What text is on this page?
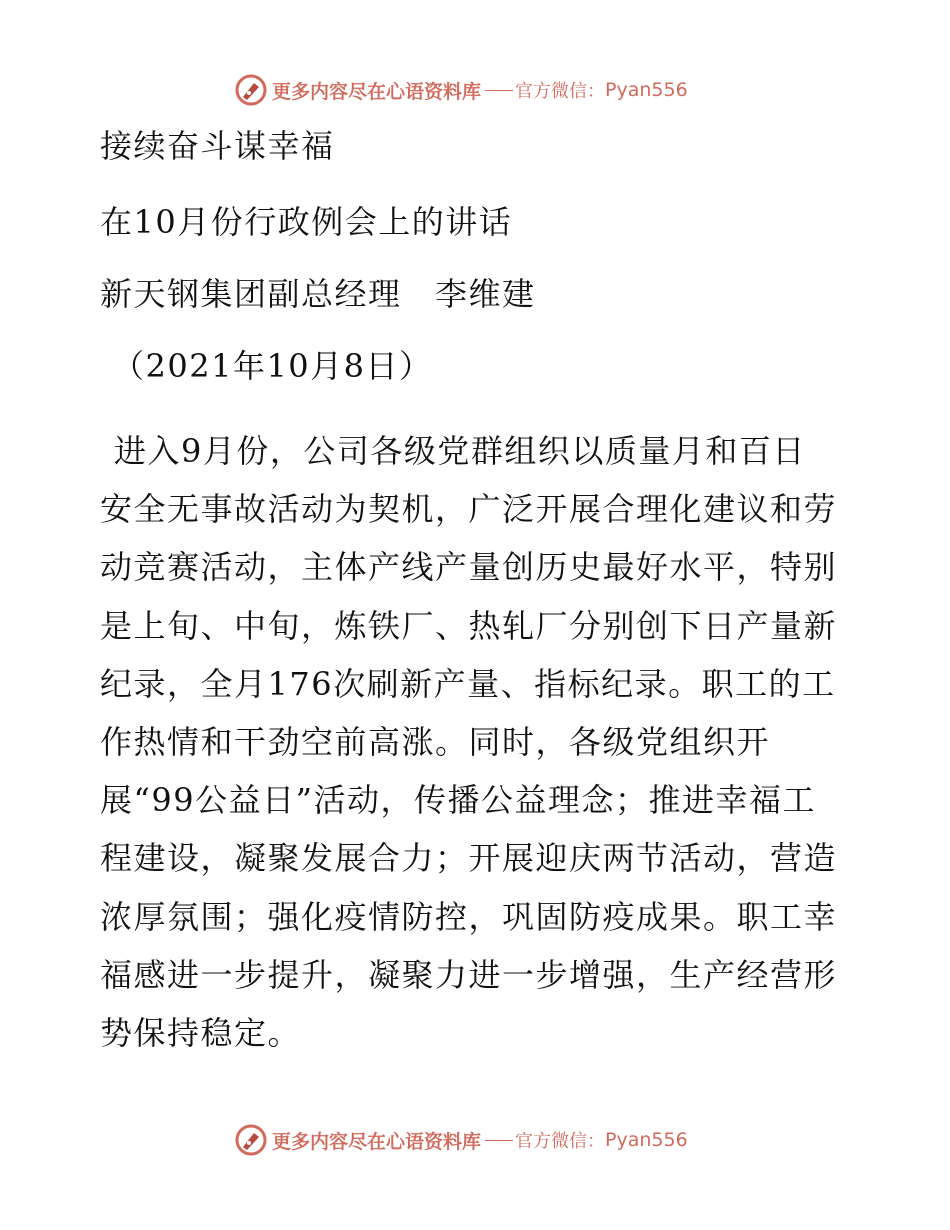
更多内容尽在心语资料库 官方微信： Pyan556
接续奋斗谋幸福
在10月份行政例会上的讲话
新天钢集团副总经理　李维建
（2021年10月8日）

进入9月份，公司各级党群组织以质量月和百日

安全无事故活动为契机，广泛开展合理化建议和劳

动竞赛活动，主体产线产量创历史最好水平，特别

是上旬、中旬，炼铁厂、热轧厂分别创下日产量新

纪录，全月176次刷新产量、指标纪录。职工的工

作热情和干劲空前高涨。同时，各级党组织开

展“99公益日”活动，传播公益理念；推进幸福工

程建设，凝聚发展合力；开展迎庆两节活动，营造

浓厚氛围；强化疫情防控，巩固防疫成果。职工幸

福感进一步提升，凝聚力进一步增强，生产经营形

势保持稳定。

更多内容尽在心语资料库 官方微信： Pyan556
